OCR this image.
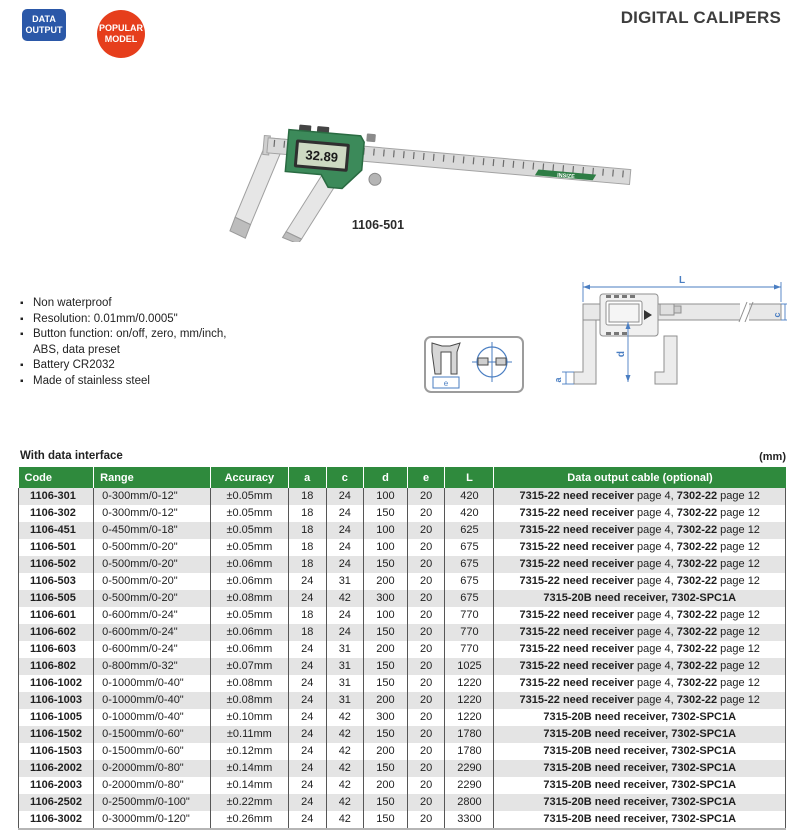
DATA
OUTPUT	POPULAR
MODEL
DIGITAL CALIPERS
INSIZE
32.89
1106-501
▪ Non waterproof
▪ Resolution: 0.01mm/0.0005"
▪ Button function: on/off, zero, mm/inch, ABS, data preset
▪ Battery CR2032
▪ Made of stainless steel	e
L
d
a
c
With data interface	(mm)
Code	Range	Accuracy	a	c	d	e	L	Data output cable (optional)
1106-301	0-300mm/0-12"	±0.05mm	18	24	100	20	420	7315-22 need receiver page 4, 7302-22 page 12
1106-302	0-300mm/0-12"	±0.05mm	18	24	150	20	420	7315-22 need receiver page 4, 7302-22 page 12
1106-451	0-450mm/0-18"	±0.05mm	18	24	100	20	625	7315-22 need receiver page 4, 7302-22 page 12
1106-501	0-500mm/0-20"	±0.05mm	18	24	100	20	675	7315-22 need receiver page 4, 7302-22 page 12
1106-502	0-500mm/0-20"	±0.06mm	18	24	150	20	675	7315-22 need receiver page 4, 7302-22 page 12
1106-503	0-500mm/0-20"	±0.06mm	24	31	200	20	675	7315-22 need receiver page 4, 7302-22 page 12
1106-505	0-500mm/0-20"	±0.08mm	24	42	300	20	675	7315-20B need receiver, 7302-SPC1A
1106-601	0-600mm/0-24"	±0.05mm	18	24	100	20	770	7315-22 need receiver page 4, 7302-22 page 12
1106-602	0-600mm/0-24"	±0.06mm	18	24	150	20	770	7315-22 need receiver page 4, 7302-22 page 12
1106-603	0-600mm/0-24"	±0.06mm	24	31	200	20	770	7315-22 need receiver page 4, 7302-22 page 12
1106-802	0-800mm/0-32"	±0.07mm	24	31	150	20	1025	7315-22 need receiver page 4, 7302-22 page 12
1106-1002	0-1000mm/0-40"	±0.08mm	24	31	150	20	1220	7315-22 need receiver page 4, 7302-22 page 12
1106-1003	0-1000mm/0-40"	±0.08mm	24	31	200	20	1220	7315-22 need receiver page 4, 7302-22 page 12
1106-1005	0-1000mm/0-40"	±0.10mm	24	42	300	20	1220	7315-20B need receiver, 7302-SPC1A
1106-1502	0-1500mm/0-60"	±0.11mm	24	42	150	20	1780	7315-20B need receiver, 7302-SPC1A
1106-1503	0-1500mm/0-60"	±0.12mm	24	42	200	20	1780	7315-20B need receiver, 7302-SPC1A
1106-2002	0-2000mm/0-80"	±0.14mm	24	42	150	20	2290	7315-20B need receiver, 7302-SPC1A
1106-2003	0-2000mm/0-80"	±0.14mm	24	42	200	20	2290	7315-20B need receiver, 7302-SPC1A
1106-2502	0-2500mm/0-100"	±0.22mm	24	42	150	20	2800	7315-20B need receiver, 7302-SPC1A
1106-3002	0-3000mm/0-120"	±0.26mm	24	42	150	20	3300	7315-20B need receiver, 7302-SPC1A
